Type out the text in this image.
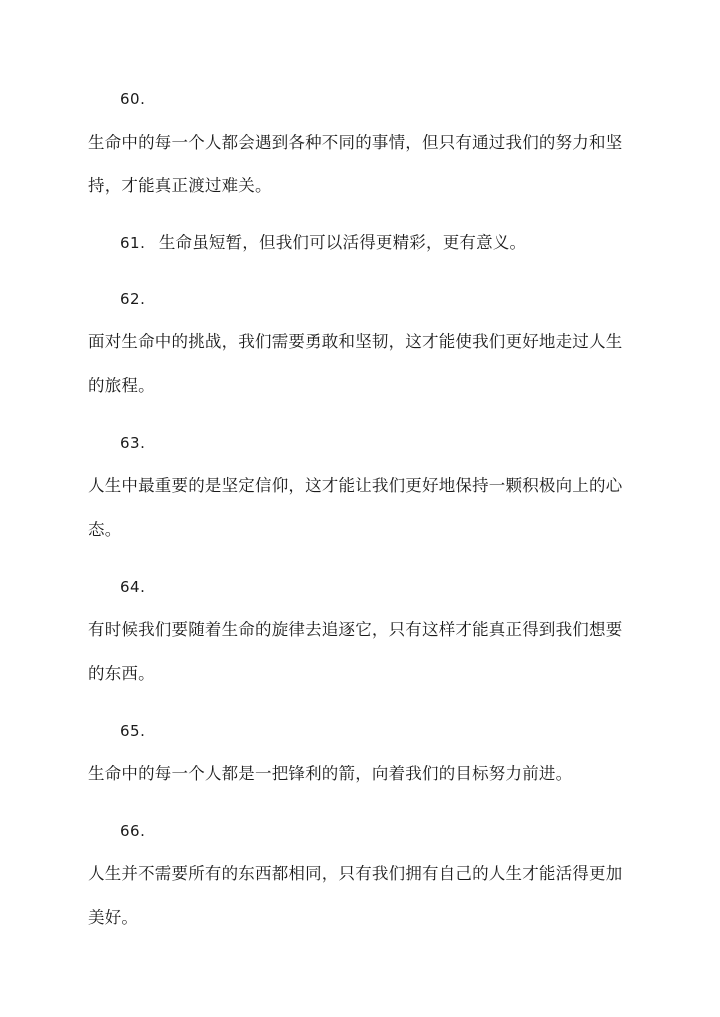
60.
生命中的每一个人都会遇到各种不同的事情，但只有通过我们的努力和坚
持，才能真正渡过难关。
61. 生命虽短暂，但我们可以活得更精彩，更有意义。
62.
面对生命中的挑战，我们需要勇敢和坚韧，这才能使我们更好地走过人生
的旅程。
63.
人生中最重要的是坚定信仰，这才能让我们更好地保持一颗积极向上的心
态。
64.
有时候我们要随着生命的旋律去追逐它，只有这样才能真正得到我们想要
的东西。
65.
生命中的每一个人都是一把锋利的箭，向着我们的目标努力前进。
66.
人生并不需要所有的东西都相同，只有我们拥有自己的人生才能活得更加
美好。
